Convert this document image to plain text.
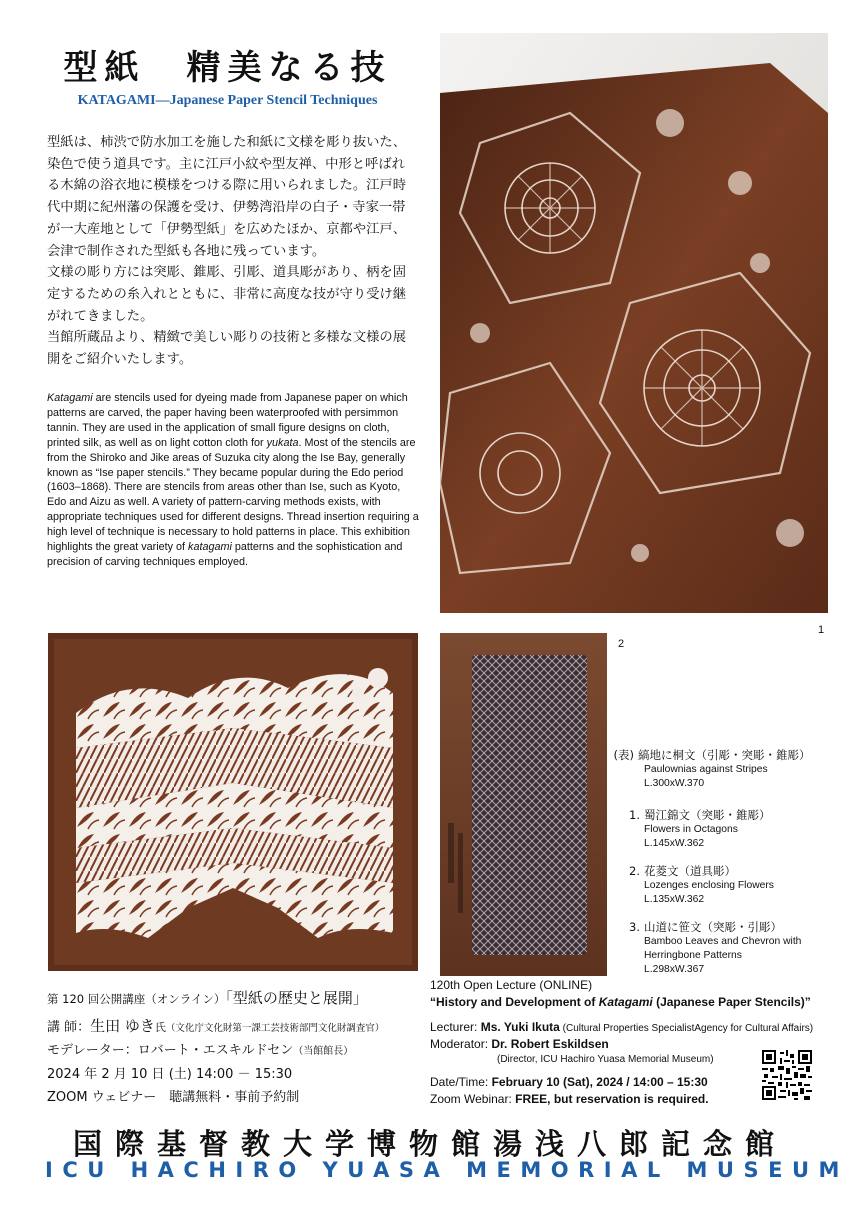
型紙　精美なる技
KATAGAMI—Japanese Paper Stencil Techniques

型紙は、柿渋で防水加工を施した和紙に文様を彫り抜いた、染色で使う道具です。主に江戸小紋や型友禅、中形と呼ばれる木綿の浴衣地に模様をつける際に用いられました。江戸時代中期に紀州藩の保護を受け、伊勢湾沿岸の白子・寺家一帯が一大産地として「伊勢型紙」を広めたほか、京都や江戸、会津で制作された型紙も各地に残っています。

文様の彫り方には突彫、錐彫、引彫、道具彫があり、柄を固定するための糸入れとともに、非常に高度な技が守り受け継がれてきました。

当館所蔵品より、精緻で美しい彫りの技術と多様な文様の展開をご紹介いたします。

Katagami are stencils used for dyeing made from Japanese paper on which patterns are carved, the paper having been waterproofed with persimmon tannin. They are used in the application of small figure designs on cloth, printed silk, as well as on light cotton cloth for yukata. Most of the stencils are from the Shiroko and Jike areas of Suzuka city along the Ise Bay, generally known as “Ise paper stencils.” They became popular during the Edo period (1603–1868). There are stencils from areas other than Ise, such as Kyoto, Edo and Aizu as well. A variety of pattern-carving methods exists, with appropriate techniques used for different designs. Thread insertion requiring a high level of technique is necessary to hold patterns in place. This exhibition highlights the great variety of katagami patterns and the sophistication and precision of carving techniques employed.
1
2
(表) 縞地に桐文（引彫・突彫・錐彫）
Paulownias against Stripes
L.300xW.370
1. 蜀江錦文（突彫・錐彫）
Flowers in Octagons
L.145xW.362
2. 花菱文（道具彫）
Lozenges enclosing Flowers
L.135xW.362
3. 山道に笹文（突彫・引彫）
Bamboo Leaves and Chevron with
Herringbone Patterns
L.298xW.367
第 120 回公開講座（オンライン）「型紙の歴史と展開」
講 師：生田 ゆき氏（文化庁文化財第一課工芸技術部門文化財調査官）
モデレーター：ロバート・エスキルドセン（当館館長）
2024 年 2 月 10 日 (土) 14:00 － 15:30
ZOOM ウェビナー　聴講無料・事前予約制
120th Open Lecture (ONLINE)
“History and Development of Katagami (Japanese Paper Stencils)”
Lecturer: Ms. Yuki Ikuta (Cultural Properties SpecialistAgency for Cultural Affairs)
Moderator: Dr. Robert Eskildsen
(Director, ICU Hachiro Yuasa Memorial Museum)
Date/Time: February 10 (Sat), 2024 / 14:00 – 15:30
Zoom Webinar: FREE, but reservation is required.
国際基督教大学博物館湯浅八郎記念館
ICU HACHIRO YUASA MEMORIAL MUSEUM
